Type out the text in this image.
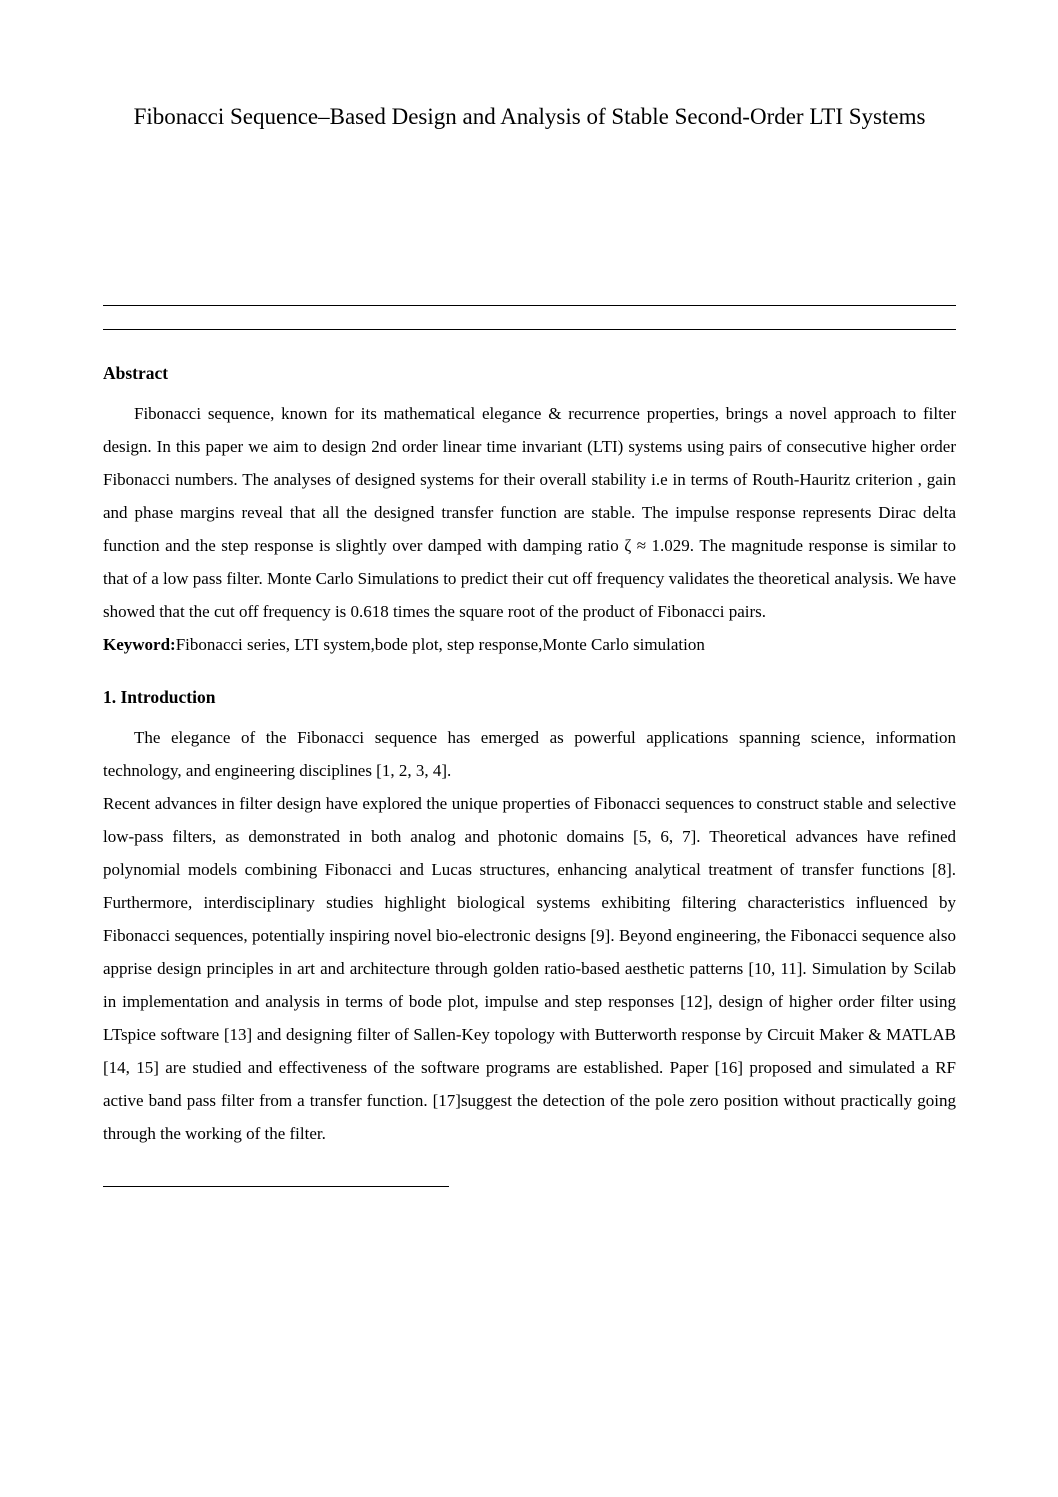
Fibonacci Sequence–Based Design and Analysis of Stable Second-Order LTI Systems
Abstract

Fibonacci sequence, known for its mathematical elegance & recurrence properties, brings a novel approach to filter design. In this paper we aim to design 2nd order linear time invariant (LTI) systems using pairs of consecutive higher order Fibonacci numbers. The analyses of designed systems for their overall stability i.e in terms of Routh-Hauritz criterion , gain and phase margins reveal that all the designed transfer function are stable. The impulse response represents Dirac delta function and the step response is slightly over damped with damping ratio ζ ≈ 1.029. The magnitude response is similar to that of a low pass filter. Monte Carlo Simulations to predict their cut off frequency validates the theoretical analysis. We have showed that the cut off frequency is 0.618 times the square root of the product of Fibonacci pairs.

Keyword:Fibonacci series, LTI system,bode plot, step response,Monte Carlo simulation

1. Introduction

The elegance of the Fibonacci sequence has emerged as powerful applications spanning science, information technology, and engineering disciplines [1, 2, 3, 4].

Recent advances in filter design have explored the unique properties of Fibonacci sequences to construct stable and selective low-pass filters, as demonstrated in both analog and photonic domains [5, 6, 7]. Theoretical advances have refined polynomial models combining Fibonacci and Lucas structures, enhancing analytical treatment of transfer functions [8]. Furthermore, interdisciplinary studies highlight biological systems exhibiting filtering characteristics influenced by Fibonacci sequences, potentially inspiring novel bio-electronic designs [9]. Beyond engineering, the Fibonacci sequence also apprise design principles in art and architecture through golden ratio-based aesthetic patterns [10, 11]. Simulation by Scilab in implementation and analysis in terms of bode plot, impulse and step responses [12], design of higher order filter using LTspice software [13] and designing filter of Sallen-Key topology with Butterworth response by Circuit Maker & MATLAB [14, 15] are studied and effectiveness of the software programs are established. Paper [16] proposed and simulated a RF active band pass filter from a transfer function. [17]suggest the detection of the pole zero position without practically going through the working of the filter.
